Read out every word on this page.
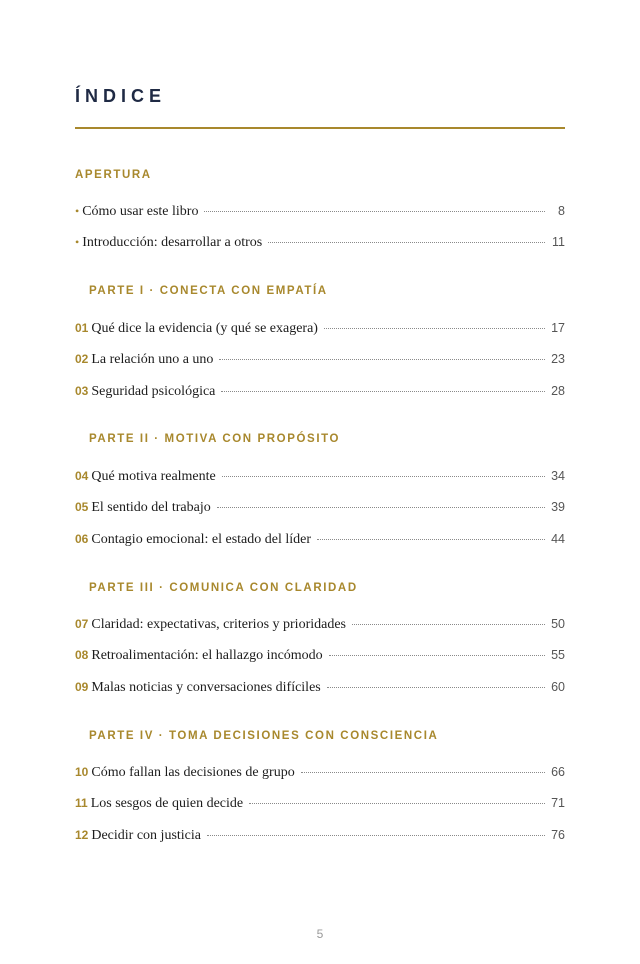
ÍNDICE
APERTURA
• Cómo usar este libro	8
• Introducción: desarrollar a otros	11
PARTE I · CONECTA CON EMPATÍA
01 Qué dice la evidencia (y qué se exagera)	17
02 La relación uno a uno	23
03 Seguridad psicológica	28
PARTE II · MOTIVA CON PROPÓSITO
04 Qué motiva realmente	34
05 El sentido del trabajo	39
06 Contagio emocional: el estado del líder	44
PARTE III · COMUNICA CON CLARIDAD
07 Claridad: expectativas, criterios y prioridades	50
08 Retroalimentación: el hallazgo incómodo	55
09 Malas noticias y conversaciones difíciles	60
PARTE IV · TOMA DECISIONES CON CONSCIENCIA
10 Cómo fallan las decisiones de grupo	66
11 Los sesgos de quien decide	71
12 Decidir con justicia	76
5
